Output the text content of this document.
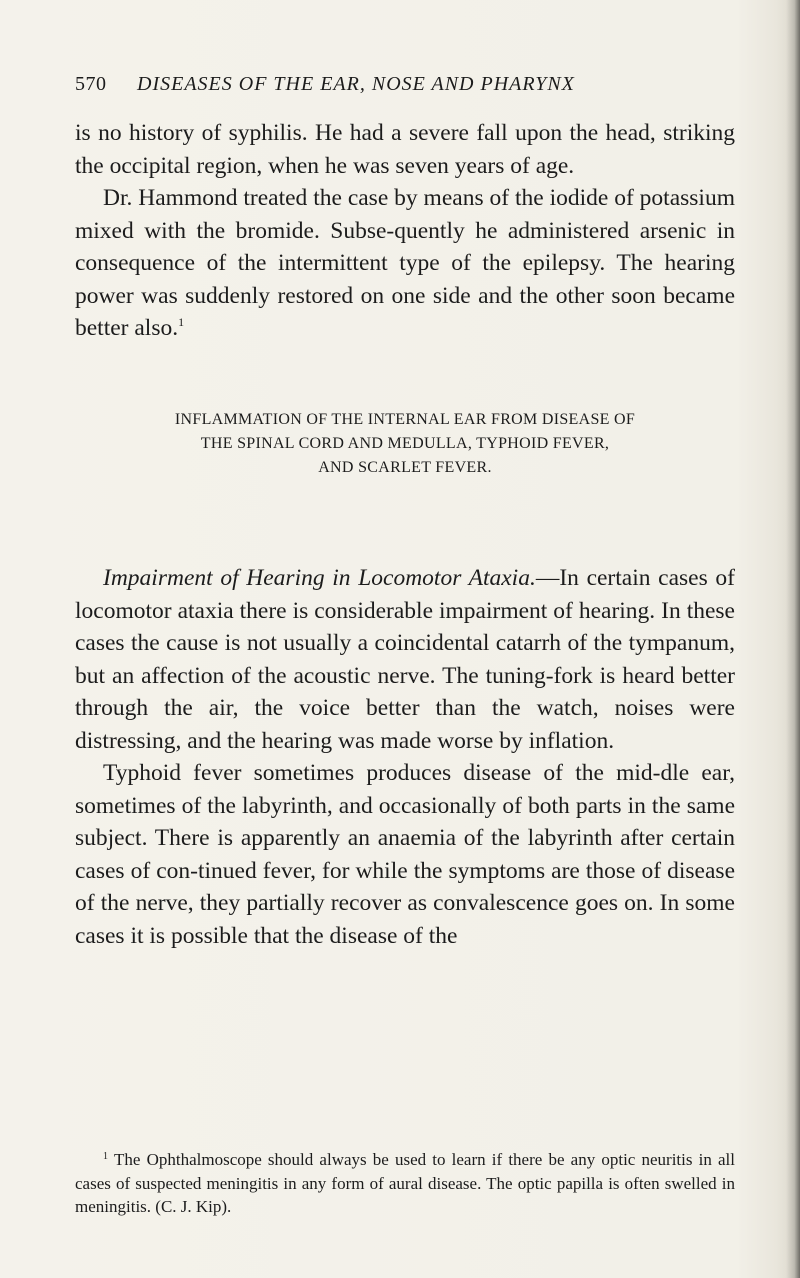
570 DISEASES OF THE EAR, NOSE AND PHARYNX

is no history of syphilis. He had a severe fall upon the head, striking the occipital region, when he was seven years of age.

Dr. Hammond treated the case by means of the iodide of potassium mixed with the bromide. Subse-quently he administered arsenic in consequence of the intermittent type of the epilepsy. The hearing power was suddenly restored on one side and the other soon became better also.$^1$

INFLAMMATION OF THE INTERNAL EAR FROM DISEASE OF
THE SPINAL CORD AND MEDULLA, TYPHOID FEVER,
AND SCARLET FEVER.

Impairment of Hearing in Locomotor Ataxia.—In certain cases of locomotor ataxia there is considerable impairment of hearing. In these cases the cause is not usually a coincidental catarrh of the tympanum, but an affection of the acoustic nerve. The tuning-fork is heard better through the air, the voice better than the watch, noises were distressing, and the hearing was made worse by inflation.

Typhoid fever sometimes produces disease of the mid-dle ear, sometimes of the labyrinth, and occasionally of both parts in the same subject. There is apparently an anaemia of the labyrinth after certain cases of con-tinued fever, for while the symptoms are those of disease of the nerve, they partially recover as convalescence goes on. In some cases it is possible that the disease of the

$^1$ The Ophthalmoscope should always be used to learn if there be any optic neuritis in all cases of suspected meningitis in any form of aural disease. The optic papilla is often swelled in meningitis. (C. J. Kip).
